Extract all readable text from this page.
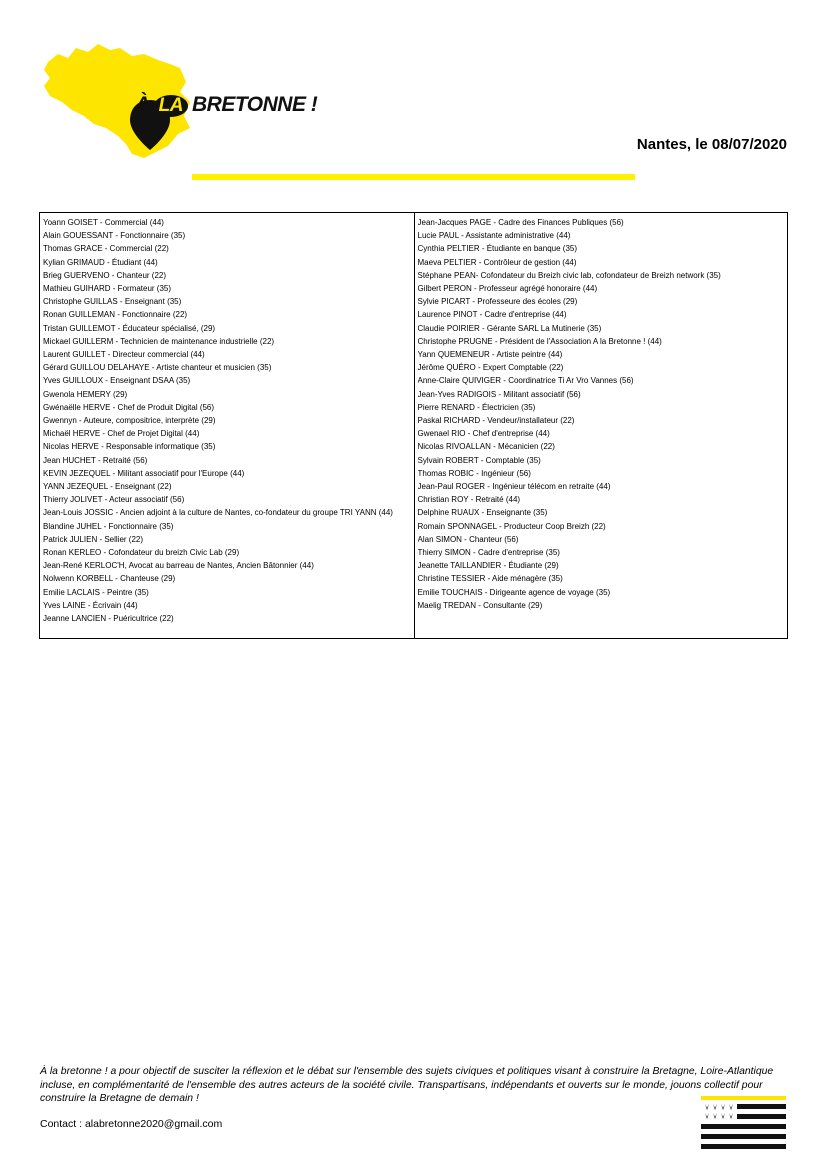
À LA BRETONNE !
Nantes, le 08/07/2020
Yoann GOISET - Commercial (44)
Alain GOUESSANT - Fonctionnaire (35)
Thomas GRACE - Commercial (22)
Kylian GRIMAUD - Étudiant (44)
Brieg GUERVENO - Chanteur (22)
Mathieu GUIHARD - Formateur (35)
Christophe GUILLAS - Enseignant (35)
Ronan GUILLEMAN - Fonctionnaire (22)
Tristan GUILLEMOT - Éducateur spécialisé, (29)
Mickael GUILLERM - Technicien de maintenance industrielle (22)
Laurent GUILLET - Directeur commercial (44)
Gérard GUILLOU DELAHAYE - Artiste chanteur et musicien (35)
Yves GUILLOUX - Enseignant DSAA (35)
Gwenola HEMERY (29)
Gwénaëlle HERVE - Chef de Produit Digital (56)
Gwennyn - Auteure, compositrice, interprète (29)
Michaël HERVE - Chef de Projet Digital (44)
Nicolas HERVE - Responsable informatique (35)
Jean HUCHET - Retraité (56)
KEVIN JEZEQUEL - Militant associatif pour l'Europe (44)
YANN JEZEQUEL - Enseignant (22)
Thierry JOLIVET - Acteur associatif (56)
Jean-Louis JOSSIC - Ancien adjoint à la culture de Nantes, co-fondateur du groupe TRI YANN (44)
Blandine JUHEL - Fonctionnaire (35)
Patrick JULIEN - Sellier (22)
Ronan KERLEO - Cofondateur du breizh Civic Lab (29)
Jean-René KERLOC'H, Avocat au barreau de Nantes, Ancien Bâtonnier (44)
Nolwenn KORBELL - Chanteuse (29)
Emilie LACLAIS - Peintre (35)
Yves LAINE - Écrivain (44)
Jeanne LANCIEN - Puéricultrice (22)
Jean-Jacques PAGE - Cadre des Finances Publiques (56)
Lucie PAUL - Assistante administrative (44)
Cynthia PELTIER - Étudiante en banque (35)
Maeva PELTIER - Contrôleur de gestion (44)
Stéphane PEAN- Cofondateur du Breizh civic lab, cofondateur de Breizh network (35)
Gilbert PERON - Professeur agrégé honoraire (44)
Sylvie PICART - Professeure des écoles (29)
Laurence PINOT - Cadre d'entreprise (44)
Claudie POIRIER - Gérante SARL La Mutinerie (35)
Christophe PRUGNE - Président de l'Association A la Bretonne ! (44)
Yann QUEMENEUR - Artiste peintre (44)
Jérôme QUÉRO - Expert Comptable (22)
Anne-Claire QUIVIGER - Coordinatrice Ti Ar Vro Vannes (56)
Jean-Yves RADIGOIS - Militant associatif (56)
Pierre RENARD - Électricien (35)
Paskal RICHARD - Vendeur/installateur (22)
Gwenael RIO - Chef d'entreprise (44)
Nicolas RIVOALLAN - Mécanicien (22)
Sylvain ROBERT - Comptable (35)
Thomas ROBIC - Ingénieur (56)
Jean-Paul ROGER - Ingénieur télécom en retraite (44)
Christian ROY - Retraité (44)
Delphine RUAUX - Enseignante (35)
Romain SPONNAGEL - Producteur Coop Breizh (22)
Alan SIMON - Chanteur (56)
Thierry SIMON - Cadre d'entreprise (35)
Jeanette TAILLANDIER - Étudiante (29)
Christine TESSIER - Aide ménagère (35)
Emilie TOUCHAIS - Dirigeante agence de voyage (35)
Maelig TREDAN - Consultante (29)
À la bretonne ! a pour objectif de susciter la réflexion et le débat sur l'ensemble des sujets civiques et politiques visant à construire la Bretagne, Loire-Atlantique incluse, en complémentarité de l'ensemble des autres acteurs de la société civile. Transpartisans, indépendants et ouverts sur le monde, jouons collectif pour construire la Bretagne de demain !
Contact : alabretonne2020@gmail.com
